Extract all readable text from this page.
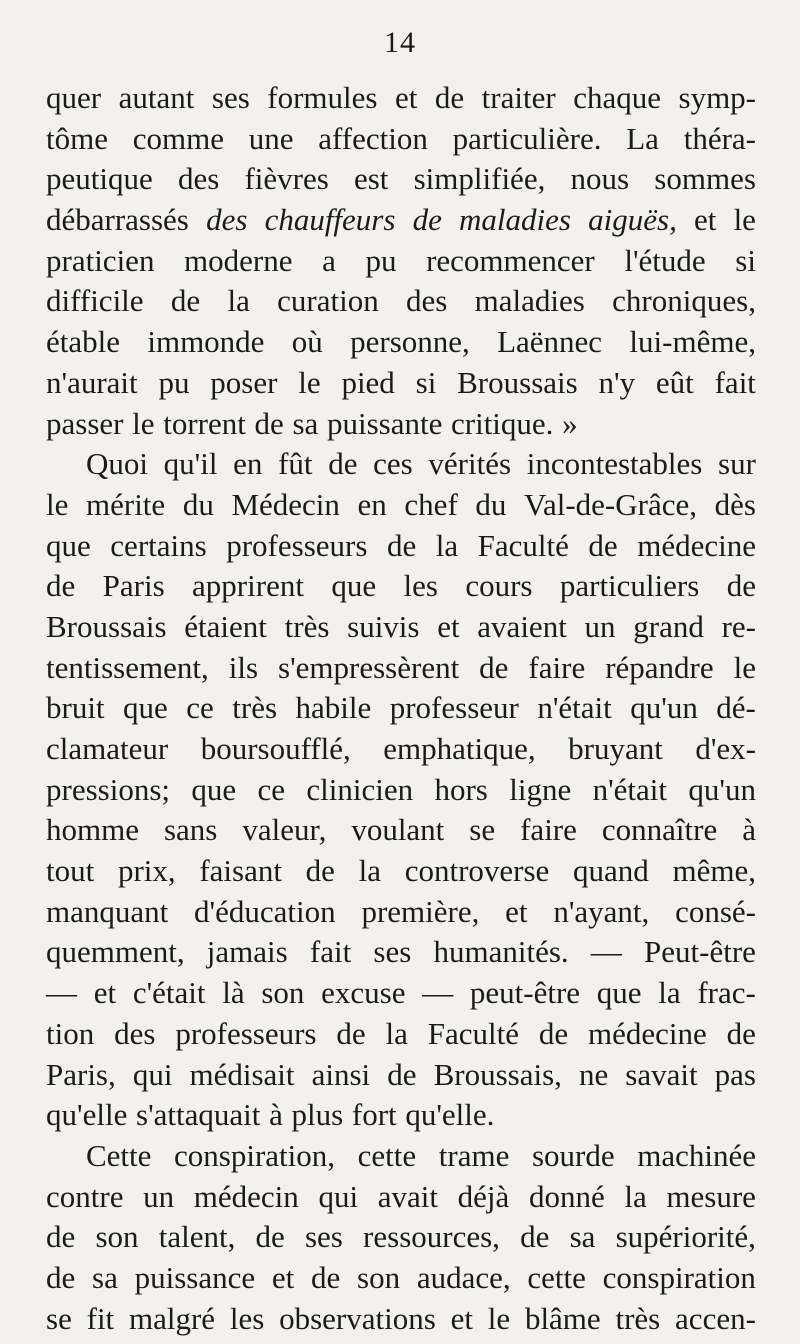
14
quer autant ses formules et de traiter chaque symp-
tôme comme une affection particulière. La théra-
peutique des fièvres est simplifiée, nous sommes
débarrassés des chauffeurs de maladies aiguës, et le
praticien moderne a pu recommencer l'étude si
difficile de la curation des maladies chroniques,
étable immonde où personne, Laënnec lui-même,
n'aurait pu poser le pied si Broussais n'y eût fait
passer le torrent de sa puissante critique. »
Quoi qu'il en fût de ces vérités incontestables sur
le mérite du Médecin en chef du Val-de-Grâce, dès
que certains professeurs de la Faculté de médecine
de Paris apprirent que les cours particuliers de
Broussais étaient très suivis et avaient un grand re-
tentissement, ils s'empressèrent de faire répandre le
bruit que ce très habile professeur n'était qu'un dé-
clamateur boursoufflé, emphatique, bruyant d'ex-
pressions; que ce clinicien hors ligne n'était qu'un
homme sans valeur, voulant se faire connaître à
tout prix, faisant de la controverse quand même,
manquant d'éducation première, et n'ayant, consé-
quemment, jamais fait ses humanités. — Peut-être
— et c'était là son excuse — peut-être que la frac-
tion des professeurs de la Faculté de médecine de
Paris, qui médisait ainsi de Broussais, ne savait pas
qu'elle s'attaquait à plus fort qu'elle.
Cette conspiration, cette trame sourde machinée
contre un médecin qui avait déjà donné la mesure
de son talent, de ses ressources, de sa supériorité,
de sa puissance et de son audace, cette conspiration
se fit malgré les observations et le blâme très accen-
